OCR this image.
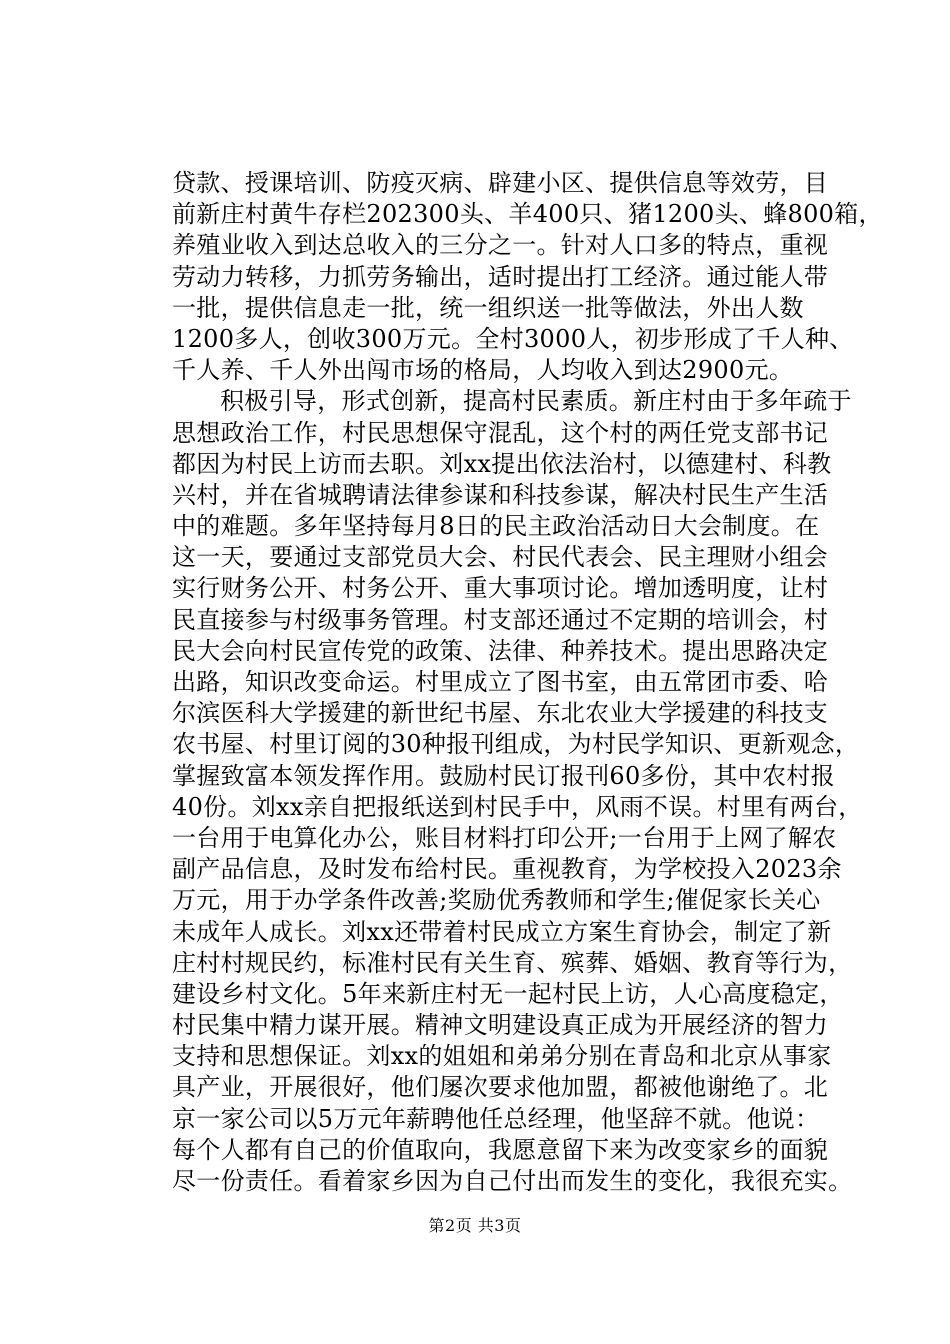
贷款、授课培训、防疫灭病、辟建小区、提供信息等效劳，目
前新庄村黄牛存栏202300头、羊400只、猪1200头、蜂800箱，
养殖业收入到达总收入的三分之一。针对人口多的特点，重视
劳动力转移，力抓劳务输出，适时提出打工经济。通过能人带
一批，提供信息走一批，统一组织送一批等做法，外出人数
1200多人，创收300万元。全村3000人，初步形成了千人种、
千人养、千人外出闯市场的格局，人均收入到达2900元。
积极引导，形式创新，提高村民素质。新庄村由于多年疏于
思想政治工作，村民思想保守混乱，这个村的两任党支部书记
都因为村民上访而去职。刘xx提出依法治村，以德建村、科教
兴村，并在省城聘请法律参谋和科技参谋，解决村民生产生活
中的难题。多年坚持每月8日的民主政治活动日大会制度。在
这一天，要通过支部党员大会、村民代表会、民主理财小组会
实行财务公开、村务公开、重大事项讨论。增加透明度，让村
民直接参与村级事务管理。村支部还通过不定期的培训会，村
民大会向村民宣传党的政策、法律、种养技术。提出思路决定
出路，知识改变命运。村里成立了图书室，由五常团市委、哈
尔滨医科大学援建的新世纪书屋、东北农业大学援建的科技支
农书屋、村里订阅的30种报刊组成，为村民学知识、更新观念，
掌握致富本领发挥作用。鼓励村民订报刊60多份，其中农村报
40份。刘xx亲自把报纸送到村民手中，风雨不误。村里有两台，
一台用于电算化办公，账目材料打印公开;一台用于上网了解农
副产品信息，及时发布给村民。重视教育，为学校投入2023余
万元，用于办学条件改善;奖励优秀教师和学生;催促家长关心
未成年人成长。刘xx还带着村民成立方案生育协会，制定了新
庄村村规民约，标准村民有关生育、殡葬、婚姻、教育等行为，
建设乡村文化。5年来新庄村无一起村民上访，人心高度稳定，
村民集中精力谋开展。精神文明建设真正成为开展经济的智力
支持和思想保证。刘xx的姐姐和弟弟分别在青岛和北京从事家
具产业，开展很好，他们屡次要求他加盟，都被他谢绝了。北
京一家公司以5万元年薪聘他任总经理，他坚辞不就。他说：
每个人都有自己的价值取向，我愿意留下来为改变家乡的面貌
尽一份责任。看着家乡因为自己付出而发生的变化，我很充实。
第2页 共3页
